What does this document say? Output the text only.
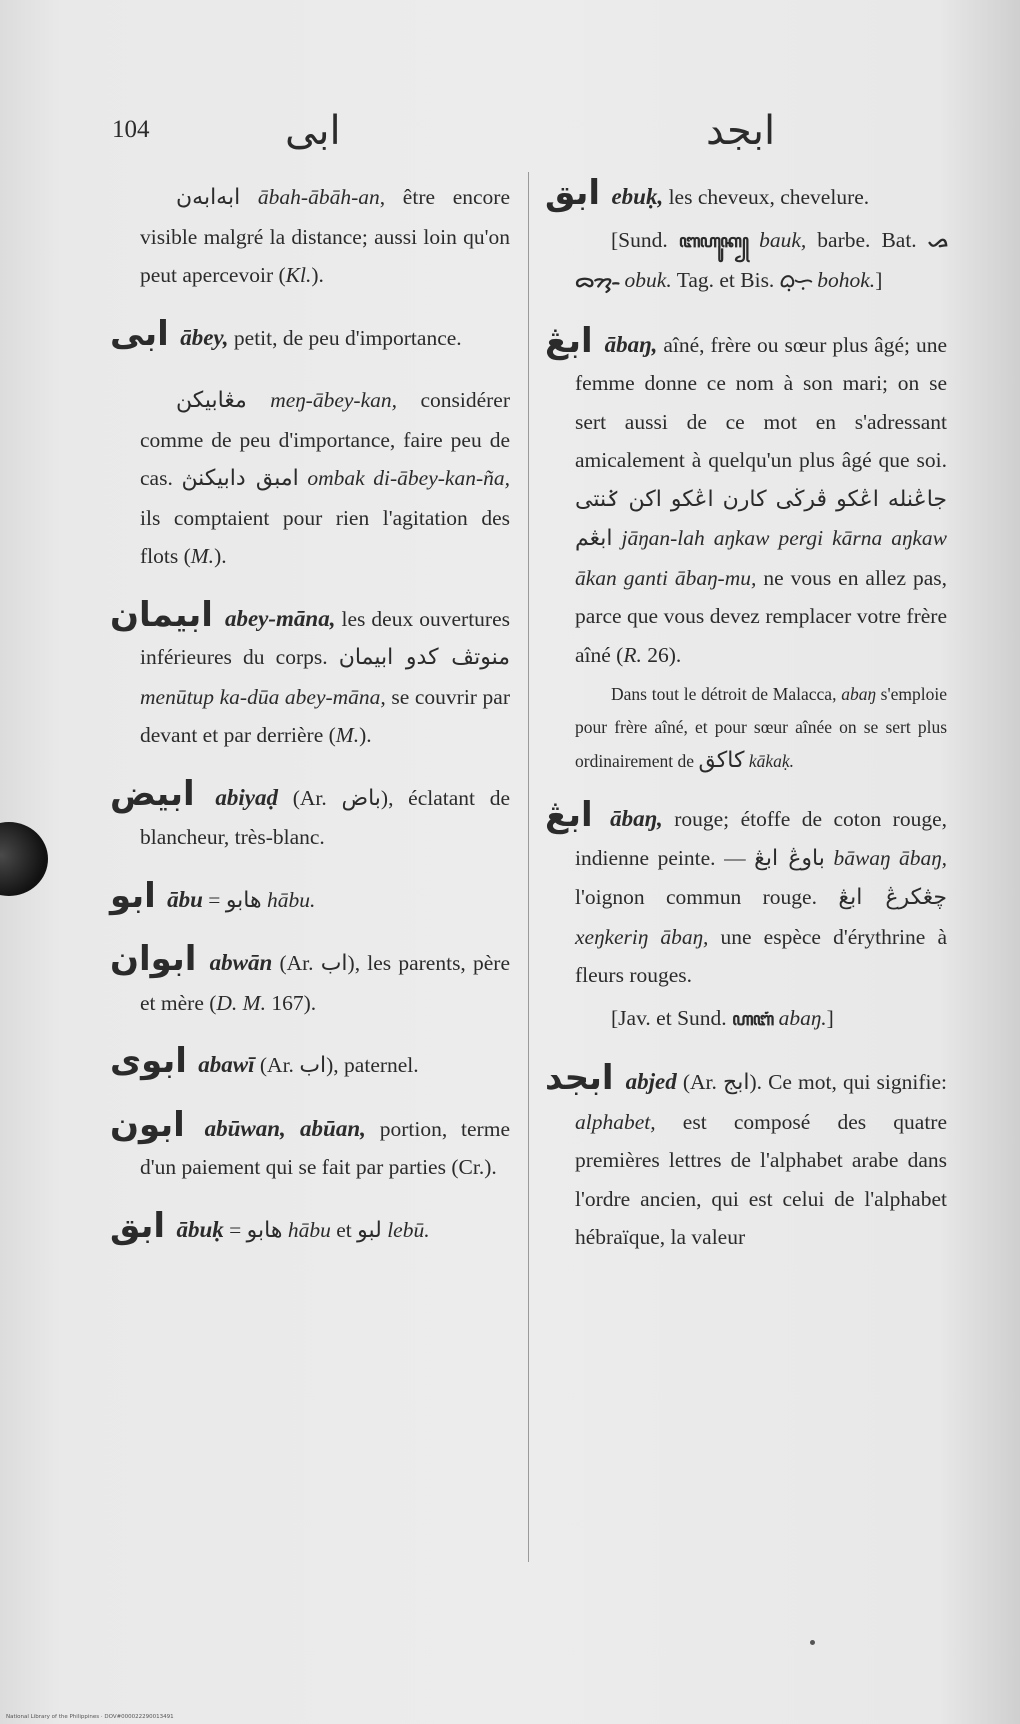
104	ابى	ابجد
ابه‌ابه‌ن ābah-ābāh-an, être encore visible malgré la distance; aussi loin qu'on peut apercevoir (Kl.).
ابى ābey, petit, de peu d'importance.
مڠابيكن meŋ-ābey-kan, considérer comme de peu d'importance, faire peu de cas. امبق دابيكنڽ ombak di-ābey-kan-ña, ils comptaient pour rien l'agitation des flots (M.).
ابيمان abey-māna, les deux ouvertures inférieures du corps. منوتڤ كدو ابيمان menūtup ka-dūa abey-māna, se couvrir par devant et par derrière (M.).
ابيض abiyaḍ (Ar. باض), éclatant de blancheur, très-blanc.
ابو ābu = هابو hābu.
ابوان abwān (Ar. اب), les parents, père et mère (D. M. 167).
ابوى abawī (Ar. اب), paternel.
ابون abūwan, abūan, portion, terme d'un paiement qui se fait par parties (Cr.).
ابق ābuḳ = هابو hābu et لبو lebū.
ابق ebuḳ, les cheveux, chevelure.
[Sund. ꦧꦲꦸꦏ꧀ bauk, barbe. Bat. ᯀᯅᯮᯂ᯳ obuk. Tag. et Bis. ᜊᜓᜑᜓ bohok.]
ابڠ ābaŋ, aîné, frère ou sœur plus âgé; une femme donne ce nom à son mari; on se sert aussi de ce mot en s'adressant amicalement à quelqu'un plus âgé que soi. جاڠنله اڠكو ڤرڬى كارن اڠكو اكن ݢنتى ابڠم jāŋan-lah aŋkaw pergi kārna aŋkaw ākan ganti ābaŋ-mu, ne vous en allez pas, parce que vous devez remplacer votre frère aîné (R. 26).
Dans tout le détroit de Malacca, abaŋ s'emploie pour frère aîné, et pour sœur aînée on se sert plus ordinairement de كاكق kākaḳ.
ابڠ ābaŋ, rouge; étoffe de coton rouge, indienne peinte. — باوڠ ابڠ bāwaŋ ābaŋ, l'oignon commun rouge. چڠكرڠ ابڠ xeŋkeriŋ ābaŋ, une espèce d'érythrine à fleurs rouges.
[Jav. et Sund. ꦲꦧꦁ abaŋ.]
ابجد abjed (Ar. ابج). Ce mot, qui signifie: alphabet, est composé des quatre premières lettres de l'alphabet arabe dans l'ordre ancien, qui est celui de l'alphabet hébraïque, la valeur
National Library of the Philippines · DOV#000022290013491
